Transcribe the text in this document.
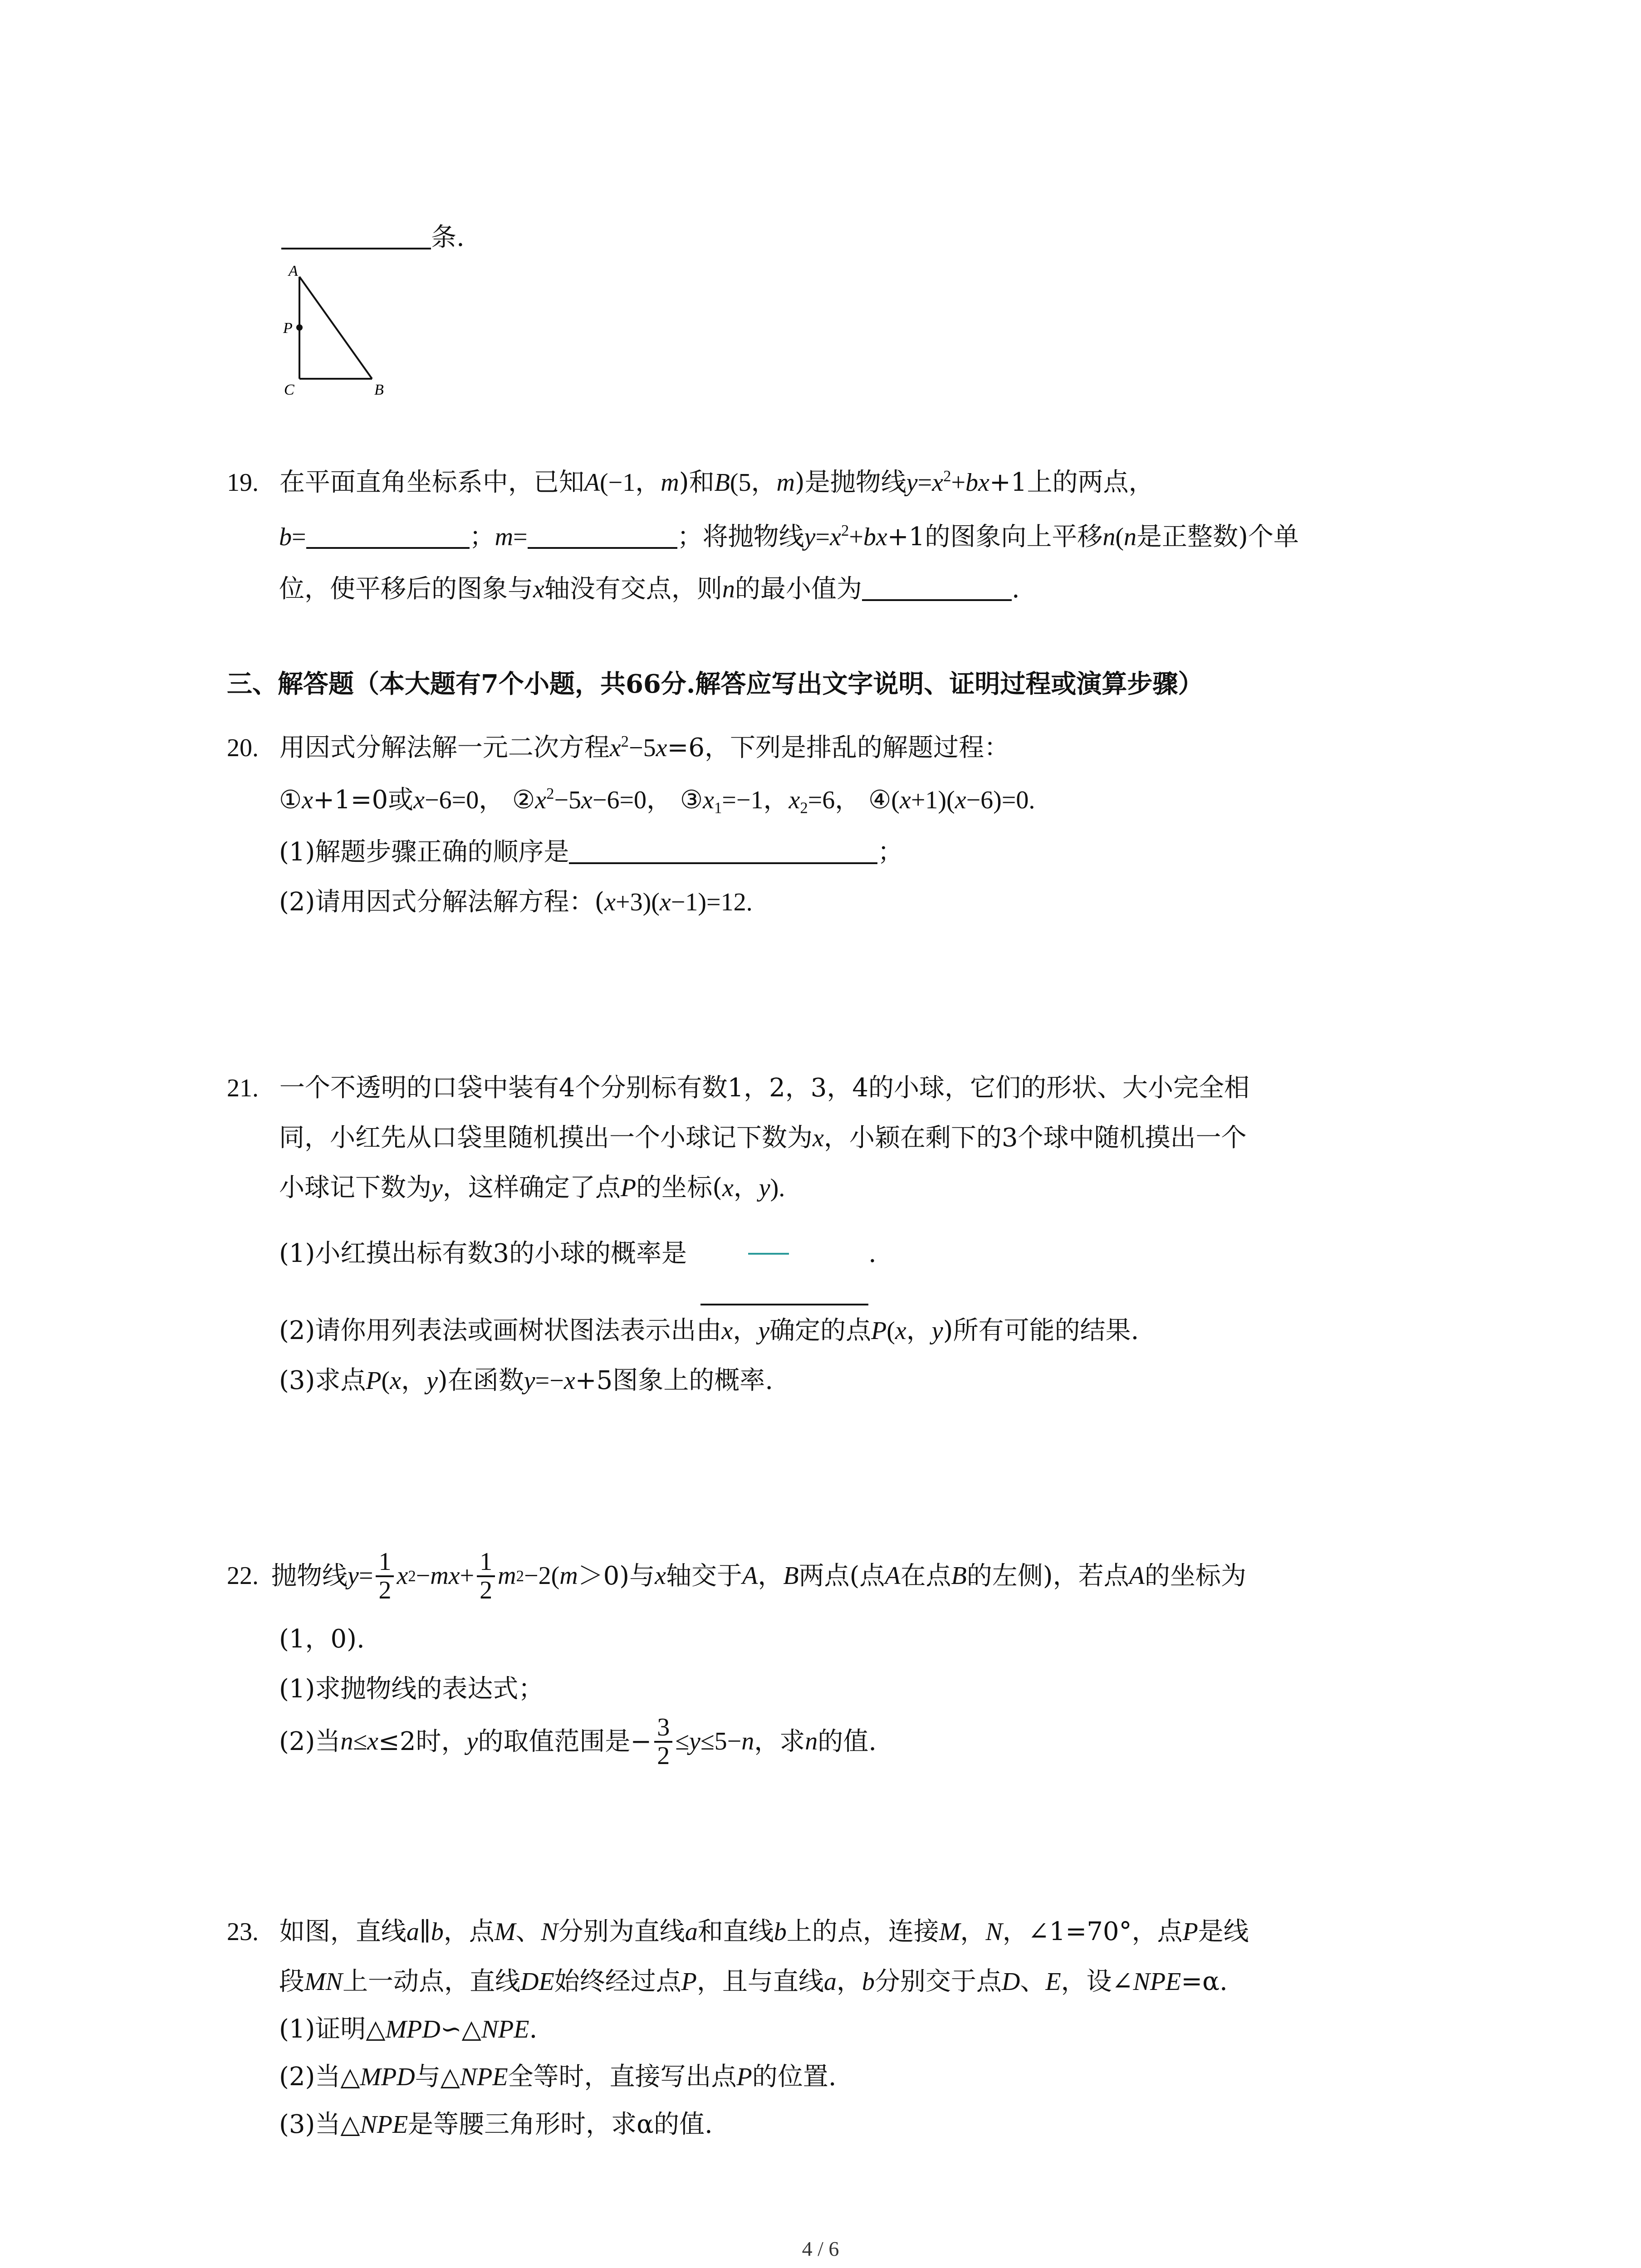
条.
A
P
C	B
19. 在平面直角坐标系中，已知A(−1，m)和B(5，m)是抛物线$y=x^2+bx+1$上的两点，
b=	；m=	；将抛物线$y=x^2+bx+1$的图象向上平移n(n是正整数)个单
位，使平移后的图象与x轴没有交点，则n的最小值为	.
三、解答题（本大题有7个小题，共66分.解答应写出文字说明、证明过程或演算步骤）
20. 用因式分解法解一元二次方程$x^2-5x=6$，下列是排乱的解题过程：
①x+1=0或x−6=0， $②x^2-5x-6=0$， $③x_1=-1$，$x_2=6$， ④(x+1)(x−6)=0.
(1)解题步骤正确的顺序是	；
(2)请用因式分解法解方程：(x+3)(x−1)=12.
21. 一个不透明的口袋中装有4个分别标有数1，2，3，4的小球，它们的形状、大小完全相
同，小红先从口袋里随机摸出一个小球记下数为x，小颖在剩下的3个球中随机摸出一个
小球记下数为y，这样确定了点P的坐标(x，y).
(1)小红摸出标有数3的小球的概率是	.
(2)请你用列表法或画树状图法表示出由x，y确定的点P(x，y)所有可能的结果.
(3)求点P(x，y)在函数y=−x+5图象上的概率.
22. 抛物线 $y = \frac{1}{2}$ x 2 − m $x + \frac{1}{2}$ m 2 −2( m ＞0)与 x 轴交于 A ， B 两点(点 A 在点 B 的左侧)，若点 A 的坐标为
(1，0).
(1)求抛物线的表达式；
(2)当 n ≤ x ≤2时， y 的取值范围是− $\frac{3}{2} \le y \le 5- n$ ，求 n 的值.
23. 如图，直线a∥b，点M、N分别为直线a和直线b上的点，连接M，N，∠1=70°，点P是线
段MN上一动点，直线DE始终经过点P，且与直线a，b分别交于点D、E，设∠NPE=α.
(1)证明△MPD∽△NPE.
(2)当△MPD与△NPE全等时，直接写出点P的位置.
(3)当△NPE是等腰三角形时，求α的值.
4 / 6
